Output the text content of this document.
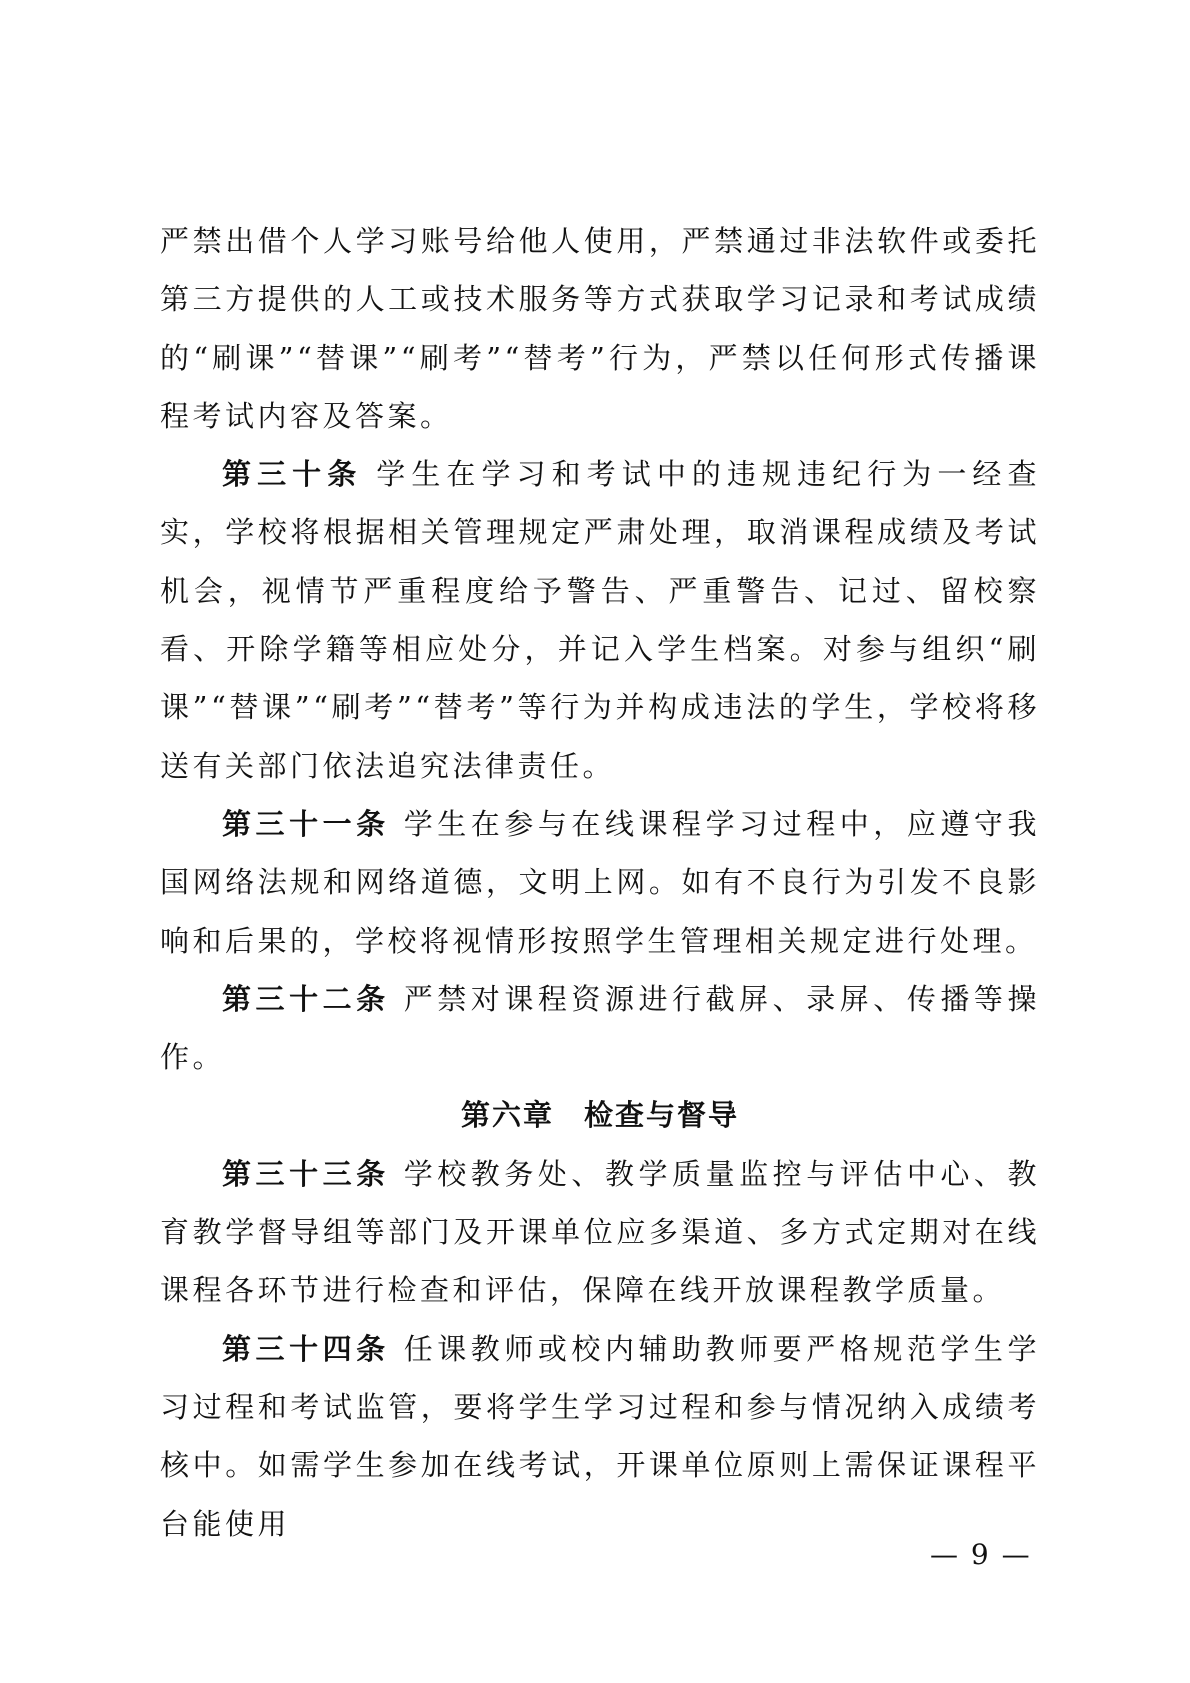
严禁出借个人学习账号给他人使用，严禁通过非法软件或委托第三方提供的人工或技术服务等方式获取学习记录和考试成绩的“刷课”“替课”“刷考”“替考”行为，严禁以任何形式传播课程考试内容及答案。

第三十条 学生在学习和考试中的违规违纪行为一经查实，学校将根据相关管理规定严肃处理，取消课程成绩及考试机会，视情节严重程度给予警告、严重警告、记过、留校察看、开除学籍等相应处分，并记入学生档案。对参与组织“刷课”“替课”“刷考”“替考”等行为并构成违法的学生，学校将移送有关部门依法追究法律责任。

第三十一条 学生在参与在线课程学习过程中，应遵守我国网络法规和网络道德，文明上网。如有不良行为引发不良影响和后果的，学校将视情形按照学生管理相关规定进行处理。

第三十二条 严禁对课程资源进行截屏、录屏、传播等操作。

第六章 检查与督导

第三十三条 学校教务处、教学质量监控与评估中心、教育教学督导组等部门及开课单位应多渠道、多方式定期对在线课程各环节进行检查和评估，保障在线开放课程教学质量。

第三十四条 任课教师或校内辅助教师要严格规范学生学习过程和考试监管，要将学生学习过程和参与情况纳入成绩考核中。如需学生参加在线考试，开课单位原则上需保证课程平台能使用

— 9 —
